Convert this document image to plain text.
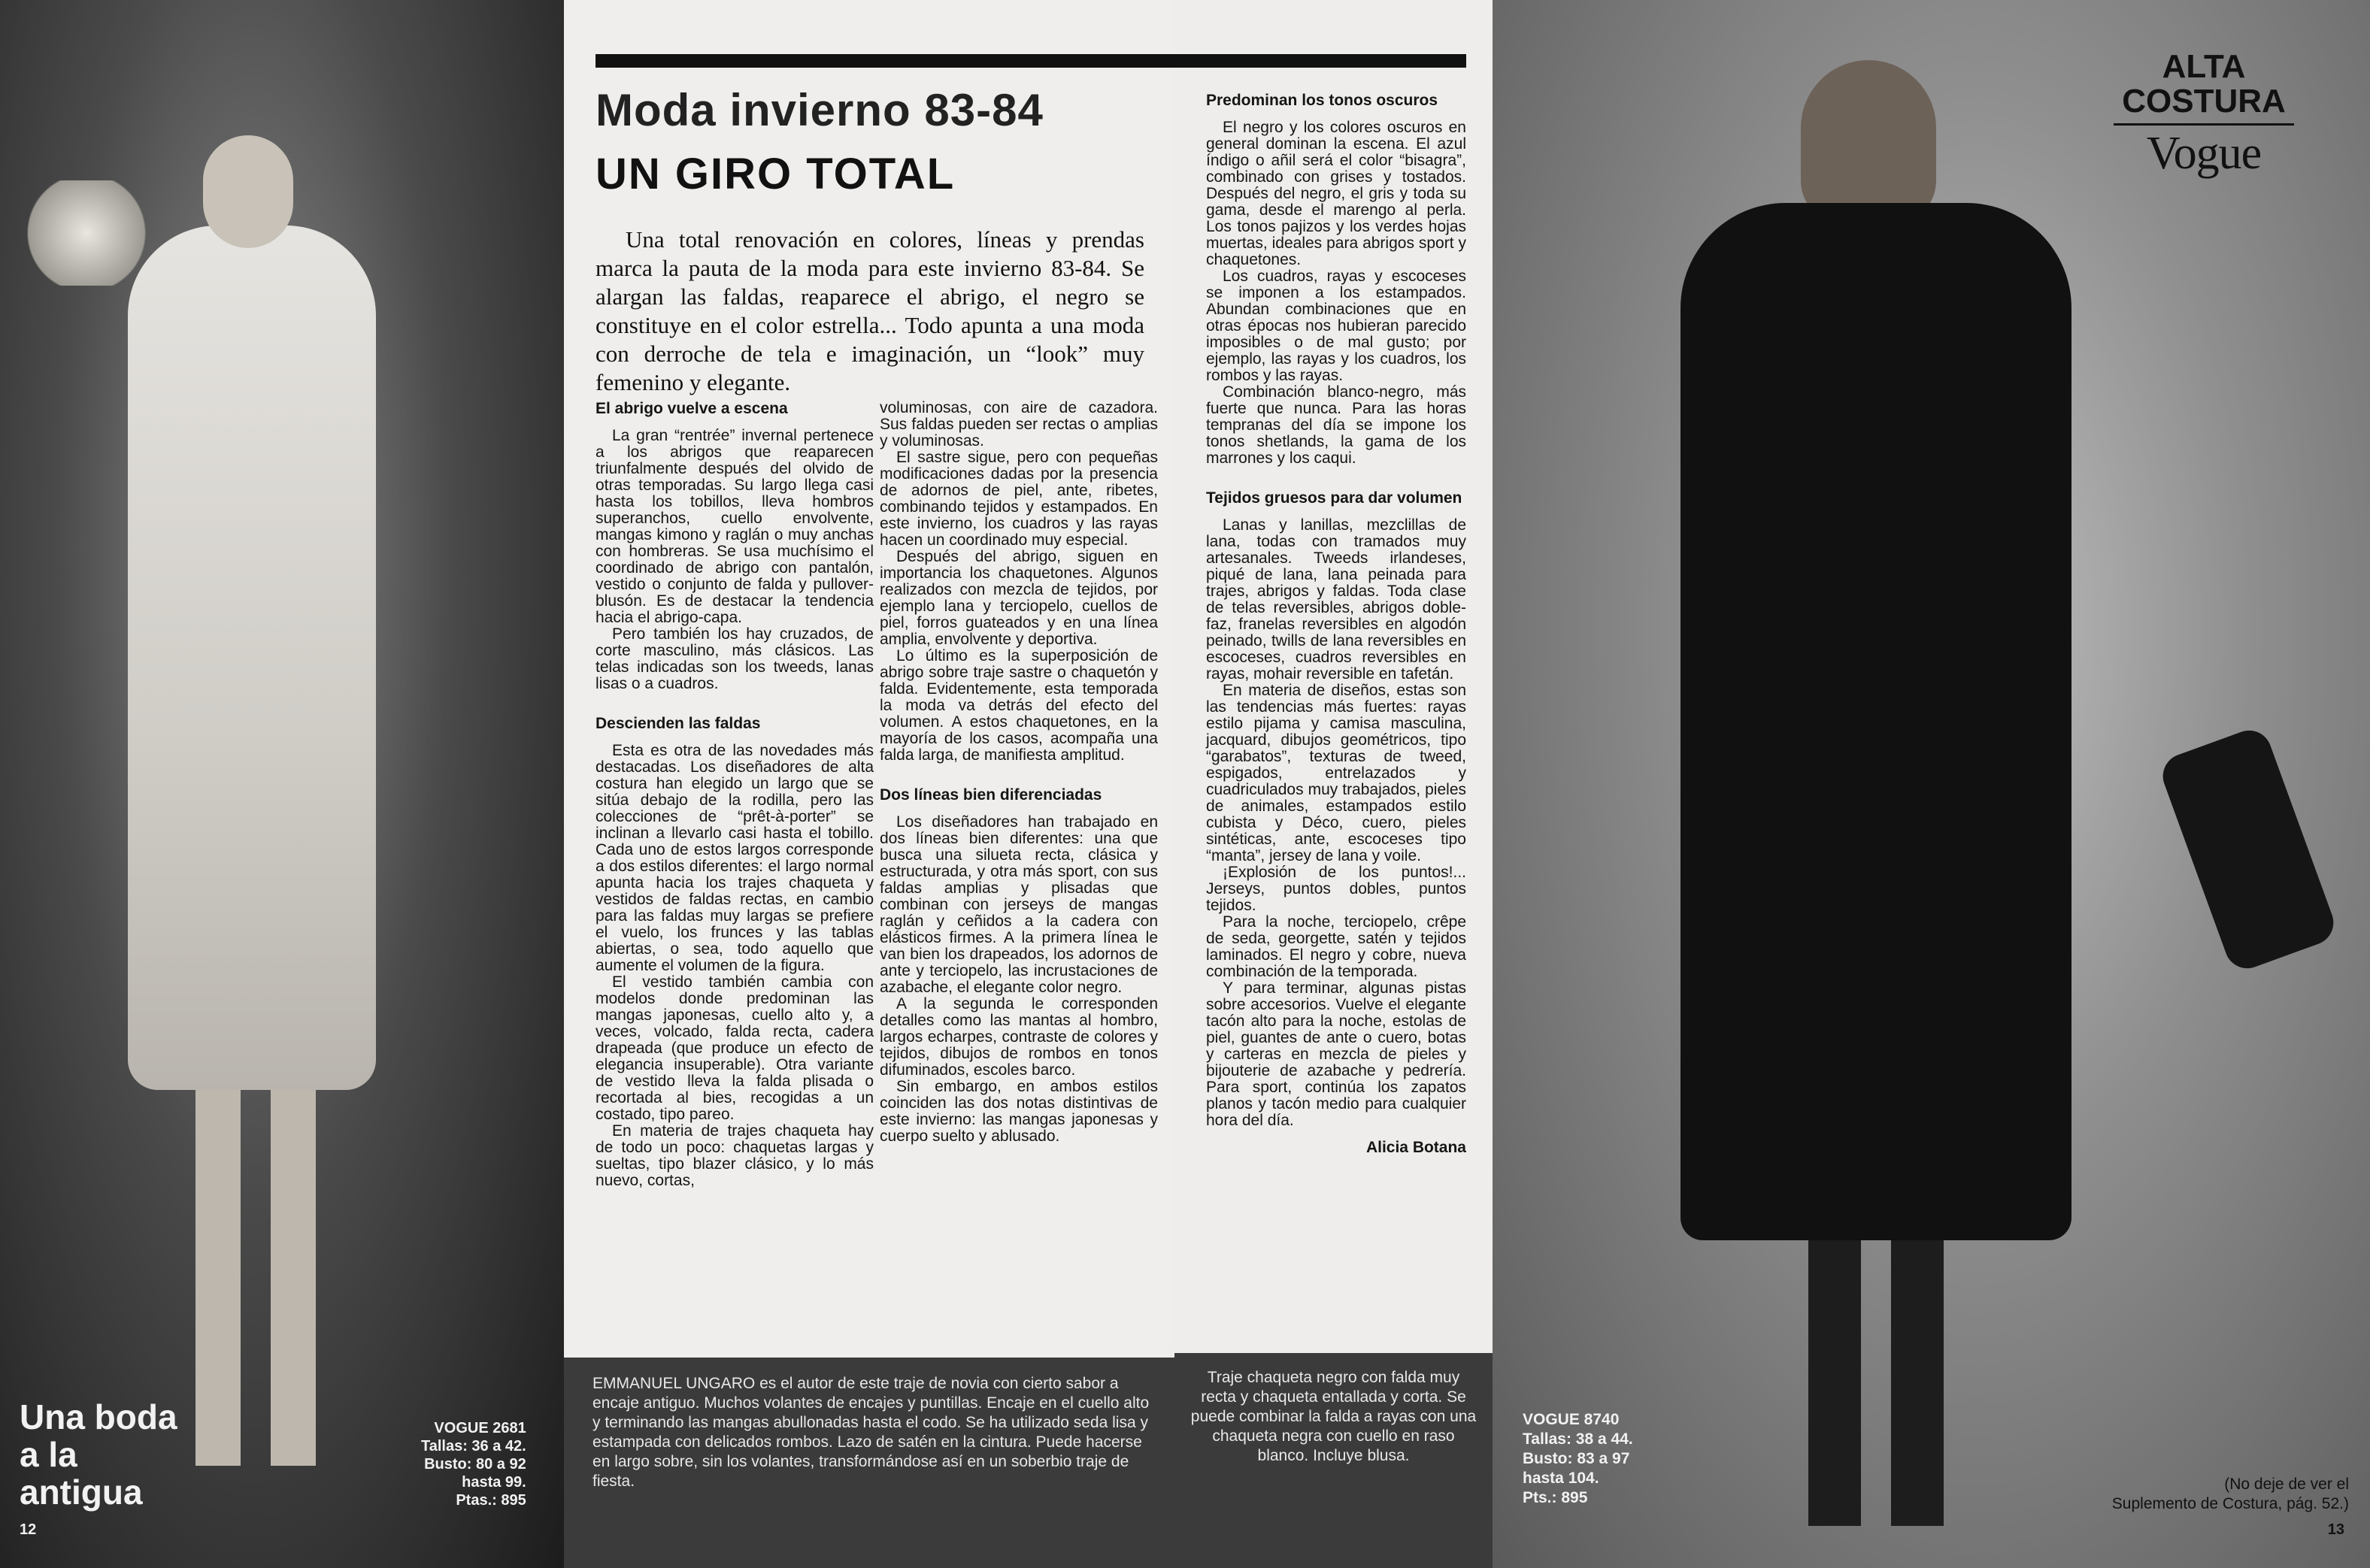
Una boda
a la
antigua
VOGUE 2681
Tallas: 36 a 42.
Busto: 80 a 92
hasta 99.
Ptas.: 895
12
Moda invierno 83-84
UN GIRO TOTAL
Una total renovación en colores, líneas y prendas marca la pauta de la moda para este invierno 83-84. Se alargan las faldas, reaparece el abrigo, el negro se constituye en el color estrella... Todo apunta a una moda con derroche de tela e imaginación, un “look” muy femenino y elegante.
El abrigo vuelve a escena

La gran “rentrée” invernal pertenece a los abrigos que reaparecen triunfalmente después del olvido de otras temporadas. Su largo llega casi hasta los tobillos, lleva hombros superanchos, cuello envolvente, mangas kimono y raglán o muy anchas con hombreras. Se usa muchísimo el coordinado de abrigo con pantalón, vestido o conjunto de falda y pullover-blusón. Es de destacar la tendencia hacia el abrigo-capa.

Pero también los hay cruzados, de corte masculino, más clásicos. Las telas indicadas son los tweeds, lanas lisas o a cuadros.

Descienden las faldas

Esta es otra de las novedades más destacadas. Los diseñadores de alta costura han elegido un largo que se sitúa debajo de la rodilla, pero las colecciones de “prêt-à-porter” se inclinan a llevarlo casi hasta el tobillo. Cada uno de estos largos corresponde a dos estilos diferentes: el largo normal apunta hacia los trajes chaqueta y vestidos de faldas rectas, en cambio para las faldas muy largas se prefiere el vuelo, los frunces y las tablas abiertas, o sea, todo aquello que aumente el volumen de la figura.

El vestido también cambia con modelos donde predominan las mangas japonesas, cuello alto y, a veces, volcado, falda recta, cadera drapeada (que produce un efecto de elegancia insuperable). Otra variante de vestido lleva la falda plisada o recortada al bies, recogidas a un costado, tipo pareo.

En materia de trajes chaqueta hay de todo un poco: chaquetas largas y sueltas, tipo blazer clásico, y lo más nuevo, cortas,

voluminosas, con aire de cazadora. Sus faldas pueden ser rectas o amplias y voluminosas.

El sastre sigue, pero con pequeñas modificaciones dadas por la presencia de adornos de piel, ante, ribetes, combinando tejidos y estampados. En este invierno, los cuadros y las rayas hacen un coordinado muy especial.

Después del abrigo, siguen en importancia los chaquetones. Algunos realizados con mezcla de tejidos, por ejemplo lana y terciopelo, cuellos de piel, forros guateados y en una línea amplia, envolvente y deportiva.

Lo último es la superposición de abrigo sobre traje sastre o chaquetón y falda. Evidentemente, esta temporada la moda va detrás del efecto del volumen. A estos chaquetones, en la mayoría de los casos, acompaña una falda larga, de manifiesta amplitud.

Dos líneas bien diferenciadas

Los diseñadores han trabajado en dos líneas bien diferentes: una que busca una silueta recta, clásica y estructurada, y otra más sport, con sus faldas amplias y plisadas que combinan con jerseys de mangas raglán y ceñidos a la cadera con elásticos firmes. A la primera línea le van bien los drapeados, los adornos de ante y terciopelo, las incrustaciones de azabache, el elegante color negro.

A la segunda le corresponden detalles como las mantas al hombro, largos echarpes, contraste de colores y tejidos, dibujos de rombos en tonos difuminados, escoles barco.

Sin embargo, en ambos estilos coinciden las dos notas distintivas de este invierno: las mangas japonesas y cuerpo suelto y ablusado.

EMMANUEL UNGARO es el autor de este traje de novia con cierto sabor a encaje antiguo. Muchos volantes de encajes y puntillas. Encaje en el cuello alto y terminando las mangas abullonadas hasta el codo. Se ha utilizado seda lisa y estampada con delicados rombos. Lazo de satén en la cintura. Puede hacerse en largo sobre, sin los volantes, transformándose así en un soberbio traje de fiesta.
Predominan los tonos oscuros

El negro y los colores oscuros en general dominan la escena. El azul índigo o añil será el color “bisagra”, combinado con grises y tostados. Después del negro, el gris y toda su gama, desde el marengo al perla. Los tonos pajizos y los verdes hojas muertas, ideales para abrigos sport y chaquetones.

Los cuadros, rayas y escoceses se imponen a los estampados. Abundan combinaciones que en otras épocas nos hubieran parecido imposibles o de mal gusto; por ejemplo, las rayas y los cuadros, los rombos y las rayas.

Combinación blanco-negro, más fuerte que nunca. Para las horas tempranas del día se impone los tonos shetlands, la gama de los marrones y los caqui.

Tejidos gruesos para dar volumen

Lanas y lanillas, mezclillas de lana, todas con tramados muy artesanales. Tweeds irlandeses, piqué de lana, lana peinada para trajes, abrigos y faldas. Toda clase de telas reversibles, abrigos doble-faz, franelas reversibles en algodón peinado, twills de lana reversibles en escoceses, cuadros reversibles en rayas, mohair reversible en tafetán.

En materia de diseños, estas son las tendencias más fuertes: rayas estilo pijama y camisa masculina, jacquard, dibujos geométricos, tipo “garabatos”, texturas de tweed, espigados, entrelazados y cuadriculados muy trabajados, pieles de animales, estampados estilo cubista y Déco, cuero, pieles sintéticas, ante, escoceses tipo “manta”, jersey de lana y voile.

¡Explosión de los puntos!... Jerseys, puntos dobles, puntos tejidos.

Para la noche, terciopelo, crêpe de seda, georgette, satén y tejidos laminados. El negro y cobre, nueva combinación de la temporada.

Y para terminar, algunas pistas sobre accesorios. Vuelve el elegante tacón alto para la noche, estolas de piel, guantes de ante o cuero, botas y carteras en mezcla de pieles y bijouterie de azabache y pedrería. Para sport, continúa los zapatos planos y tacón medio para cualquier hora del día.

Alicia Botana

Traje chaqueta negro con falda muy recta y chaqueta entallada y corta. Se puede combinar la falda a rayas con una chaqueta negra con cuello en raso blanco. Incluye blusa.
ALTA
COSTURA
Vogue
VOGUE 8740
Tallas: 38 a 44.
Busto: 83 a 97
hasta 104.
Pts.: 895
(No deje de ver el
Suplemento de Costura, pág. 52.)
13
